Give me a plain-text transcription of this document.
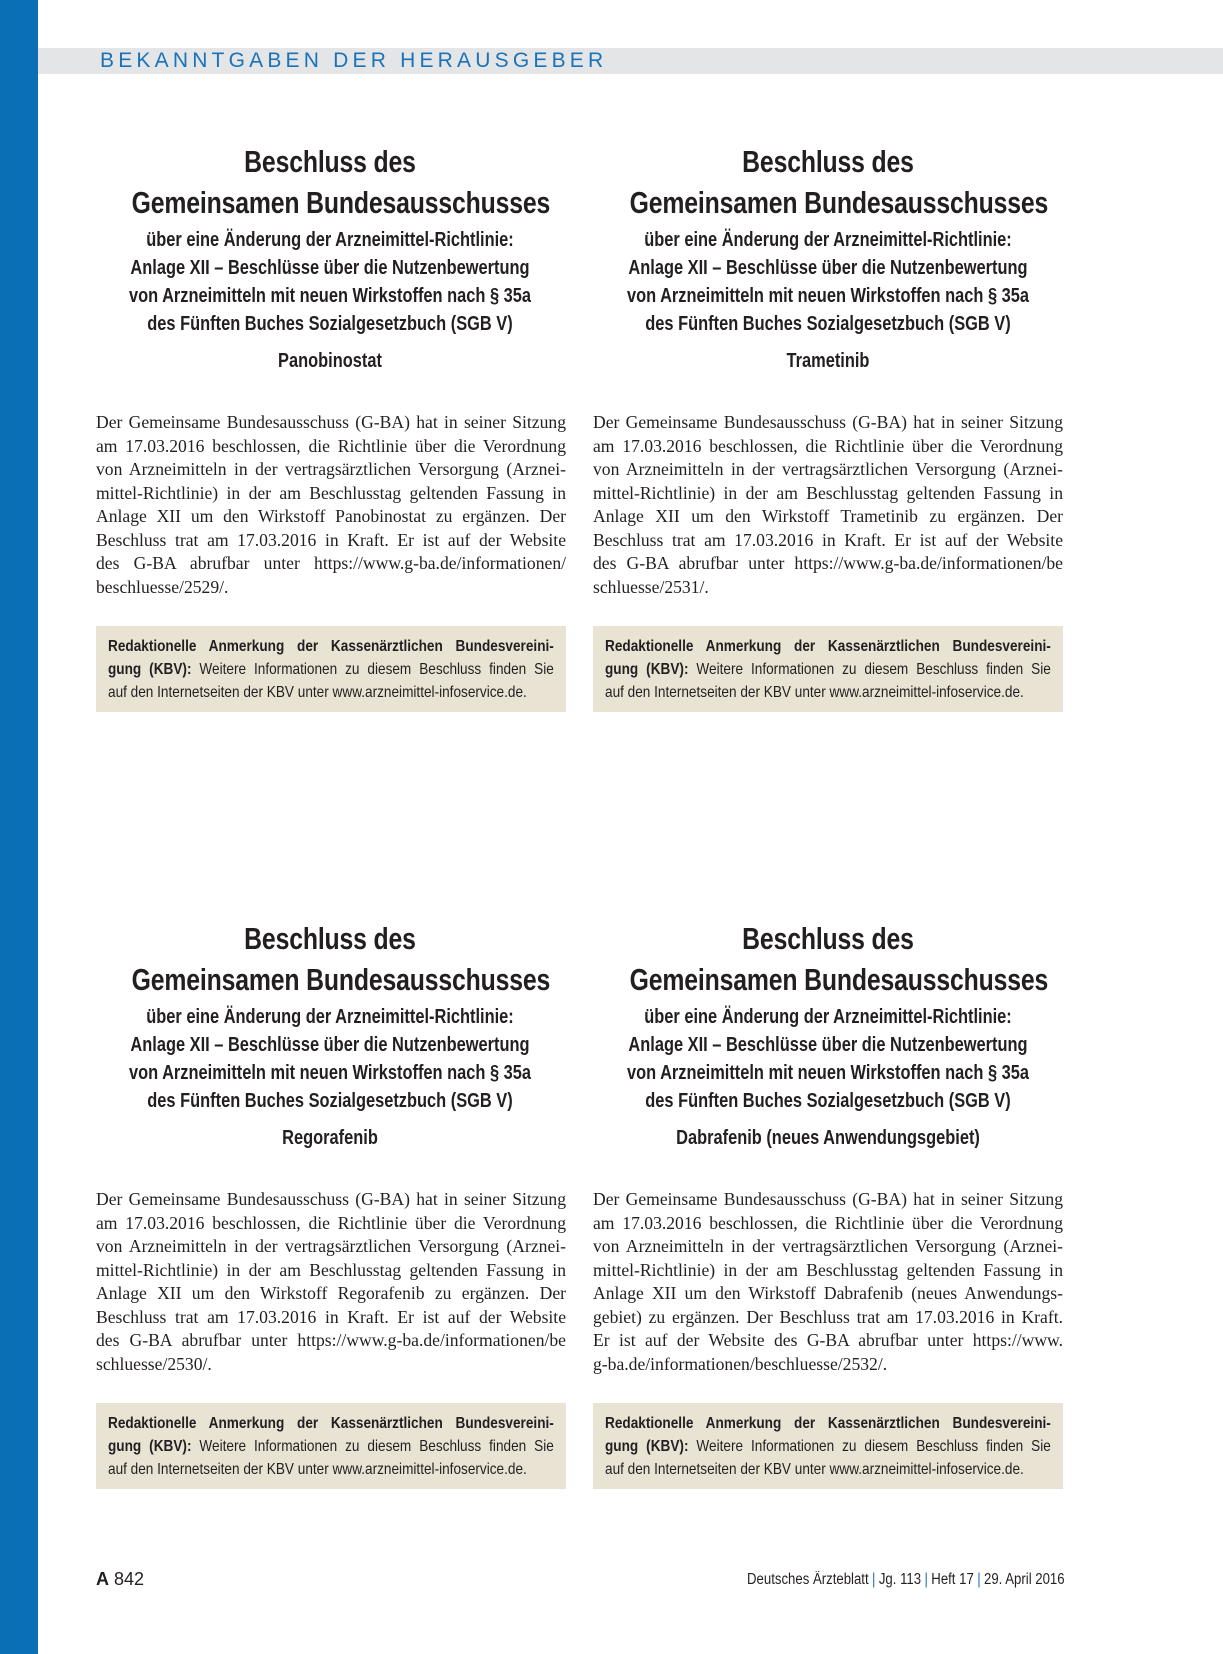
BEKANNTGABEN DER HERAUSGEBER
Beschluss des
Gemeinsamen Bundesausschusses
über eine Änderung der Arzneimittel-Richtlinie:
Anlage XII – Beschlüsse über die Nutzenbewertung
von Arzneimitteln mit neuen Wirkstoffen nach § 35a
des Fünften Buches Sozialgesetzbuch (SGB V)
Panobinostat
Der Gemeinsame Bundesausschuss (G-BA) hat in seiner Sitzung
am 17.03.2016 beschlossen, die Richtlinie über die Verordnung
von Arzneimitteln in der vertragsärztlichen Versorgung (Arznei-
mittel-Richtlinie) in der am Beschlusstag geltenden Fassung in
Anlage XII um den Wirkstoff Panobinostat zu ergänzen. Der
Beschluss trat am 17.03.2016 in Kraft. Er ist auf der Website
des G-BA abrufbar unter https://www.g-ba.de/informationen/
beschluesse/2529/.
Redaktionelle Anmerkung der Kassenärztlichen Bundesvereini-
gung (KBV): Weitere Informationen zu diesem Beschluss finden Sie
auf den Internetseiten der KBV unter www.arzneimittel-infoservice.de.
Beschluss des
Gemeinsamen Bundesausschusses
über eine Änderung der Arzneimittel-Richtlinie:
Anlage XII – Beschlüsse über die Nutzenbewertung
von Arzneimitteln mit neuen Wirkstoffen nach § 35a
des Fünften Buches Sozialgesetzbuch (SGB V)
Trametinib
Der Gemeinsame Bundesausschuss (G-BA) hat in seiner Sitzung
am 17.03.2016 beschlossen, die Richtlinie über die Verordnung
von Arzneimitteln in der vertragsärztlichen Versorgung (Arznei-
mittel-Richtlinie) in der am Beschlusstag geltenden Fassung in
Anlage XII um den Wirkstoff Trametinib zu ergänzen. Der
Beschluss trat am 17.03.2016 in Kraft. Er ist auf der Website
des G-BA abrufbar unter https://www.g-ba.de/informationen/be
schluesse/2531/.
Redaktionelle Anmerkung der Kassenärztlichen Bundesvereini-
gung (KBV): Weitere Informationen zu diesem Beschluss finden Sie
auf den Internetseiten der KBV unter www.arzneimittel-infoservice.de.
Beschluss des
Gemeinsamen Bundesausschusses
über eine Änderung der Arzneimittel-Richtlinie:
Anlage XII – Beschlüsse über die Nutzenbewertung
von Arzneimitteln mit neuen Wirkstoffen nach § 35a
des Fünften Buches Sozialgesetzbuch (SGB V)
Regorafenib
Der Gemeinsame Bundesausschuss (G-BA) hat in seiner Sitzung
am 17.03.2016 beschlossen, die Richtlinie über die Verordnung
von Arzneimitteln in der vertragsärztlichen Versorgung (Arznei-
mittel-Richtlinie) in der am Beschlusstag geltenden Fassung in
Anlage XII um den Wirkstoff Regorafenib zu ergänzen. Der
Beschluss trat am 17.03.2016 in Kraft. Er ist auf der Website
des G-BA abrufbar unter https://www.g-ba.de/informationen/be
schluesse/2530/.
Redaktionelle Anmerkung der Kassenärztlichen Bundesvereini-
gung (KBV): Weitere Informationen zu diesem Beschluss finden Sie
auf den Internetseiten der KBV unter www.arzneimittel-infoservice.de.
Beschluss des
Gemeinsamen Bundesausschusses
über eine Änderung der Arzneimittel-Richtlinie:
Anlage XII – Beschlüsse über die Nutzenbewertung
von Arzneimitteln mit neuen Wirkstoffen nach § 35a
des Fünften Buches Sozialgesetzbuch (SGB V)
Dabrafenib (neues Anwendungsgebiet)
Der Gemeinsame Bundesausschuss (G-BA) hat in seiner Sitzung
am 17.03.2016 beschlossen, die Richtlinie über die Verordnung
von Arzneimitteln in der vertragsärztlichen Versorgung (Arznei-
mittel-Richtlinie) in der am Beschlusstag geltenden Fassung in
Anlage XII um den Wirkstoff Dabrafenib (neues Anwendungs-
gebiet) zu ergänzen. Der Beschluss trat am 17.03.2016 in Kraft.
Er ist auf der Website des G-BA abrufbar unter https://www.
g-ba.de/informationen/beschluesse/2532/.
Redaktionelle Anmerkung der Kassenärztlichen Bundesvereini-
gung (KBV): Weitere Informationen zu diesem Beschluss finden Sie
auf den Internetseiten der KBV unter www.arzneimittel-infoservice.de.
A 842	Deutsches Ärzteblatt | Jg. 113 | Heft 17 | 29. April 2016
